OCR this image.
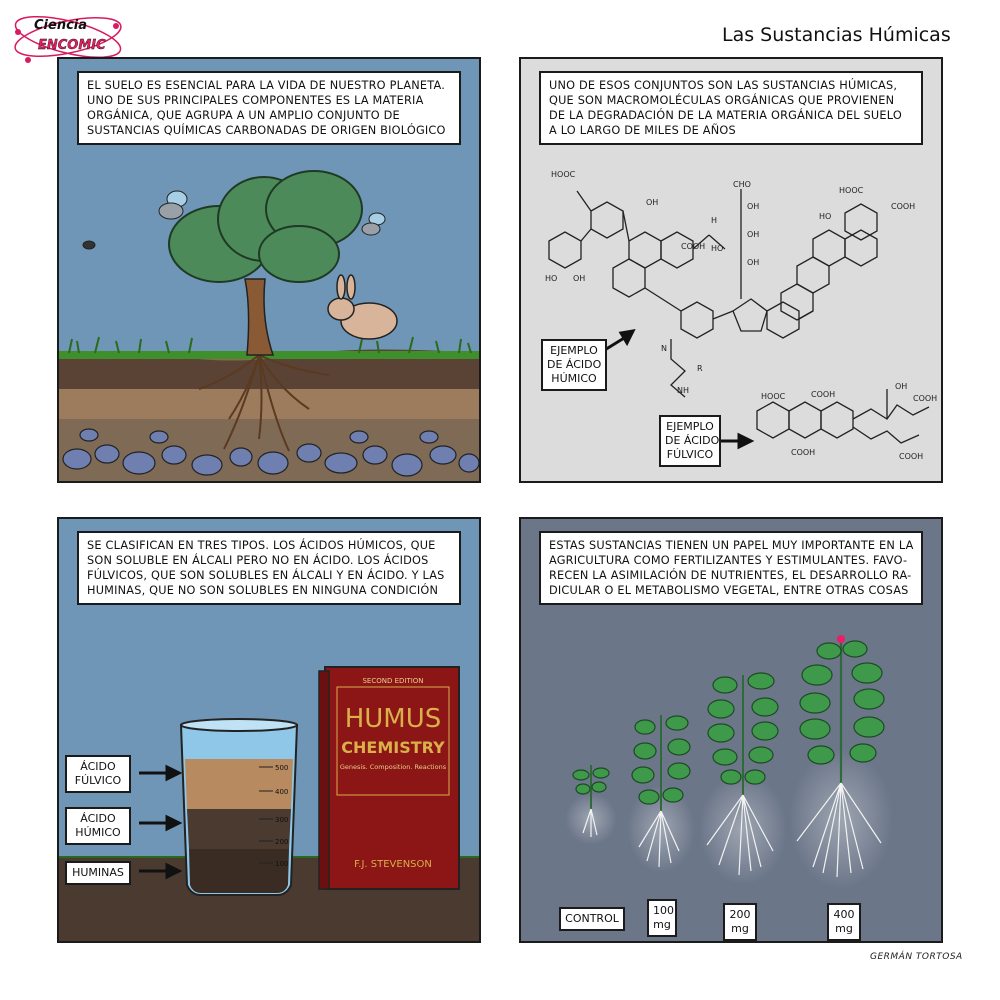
Ciencia
ENCOMIC	Las Sustancias Húmicas
EL SUELO ES ESENCIAL PARA LA VIDA DE NUESTRO PLANETA.
UNO DE SUS PRINCIPALES COMPONENTES ES LA MATERIA
ORGÁNICA, QUE AGRUPA A UN AMPLIO CONJUNTO DE
SUSTANCIAS QUÍMICAS CARBONADAS DE ORIGEN BIOLÓGICO
HOOC
OH
HO OH
COOH
CHO
OH
OH
OH
H
HO
HOOC
COOH
HO
N
R
NH
HOOC	COOH
OH
COOH
COOH
COOH
UNO DE ESOS CONJUNTOS SON LAS SUSTANCIAS HÚMICAS,
QUE SON MACROMOLÉCULAS ORGÁNICAS QUE PROVIENEN
DE LA DEGRADACIÓN DE LA MATERIA ORGÁNICA DEL SUELO
A LO LARGO DE MILES DE AÑOS
EJEMPLO
DE ÁCIDO
HÚMICO
EJEMPLO
DE ÁCIDO
FÚLVICO
500
400
300
200
100
SECOND EDITION
HUMUS
CHEMISTRY
Genesis. Composition. Reactions
F.J. STEVENSON
SE CLASIFICAN EN TRES TIPOS. LOS ÁCIDOS HÚMICOS, QUE
SON SOLUBLE EN ÁLCALI PERO NO EN ÁCIDO. LOS ÁCIDOS
FÚLVICOS, QUE SON SOLUBLES EN ÁLCALI Y EN ÁCIDO. Y LAS
HUMINAS, QUE NO SON SOLUBLES EN NINGUNA CONDICIÓN
ÁCIDO
FÚLVICO
ÁCIDO
HÚMICO
HUMINAS
ESTAS SUSTANCIAS TIENEN UN PAPEL MUY IMPORTANTE EN LA
AGRICULTURA COMO FERTILIZANTES Y ESTIMULANTES. FAVO-
RECEN LA ASIMILACIÓN DE NUTRIENTES, EL DESARROLLO RA-
DICULAR O EL METABOLISMO VEGETAL, ENTRE OTRAS COSAS
CONTROL
100
mg
200
mg
400
mg
GERMÁN TORTOSA
